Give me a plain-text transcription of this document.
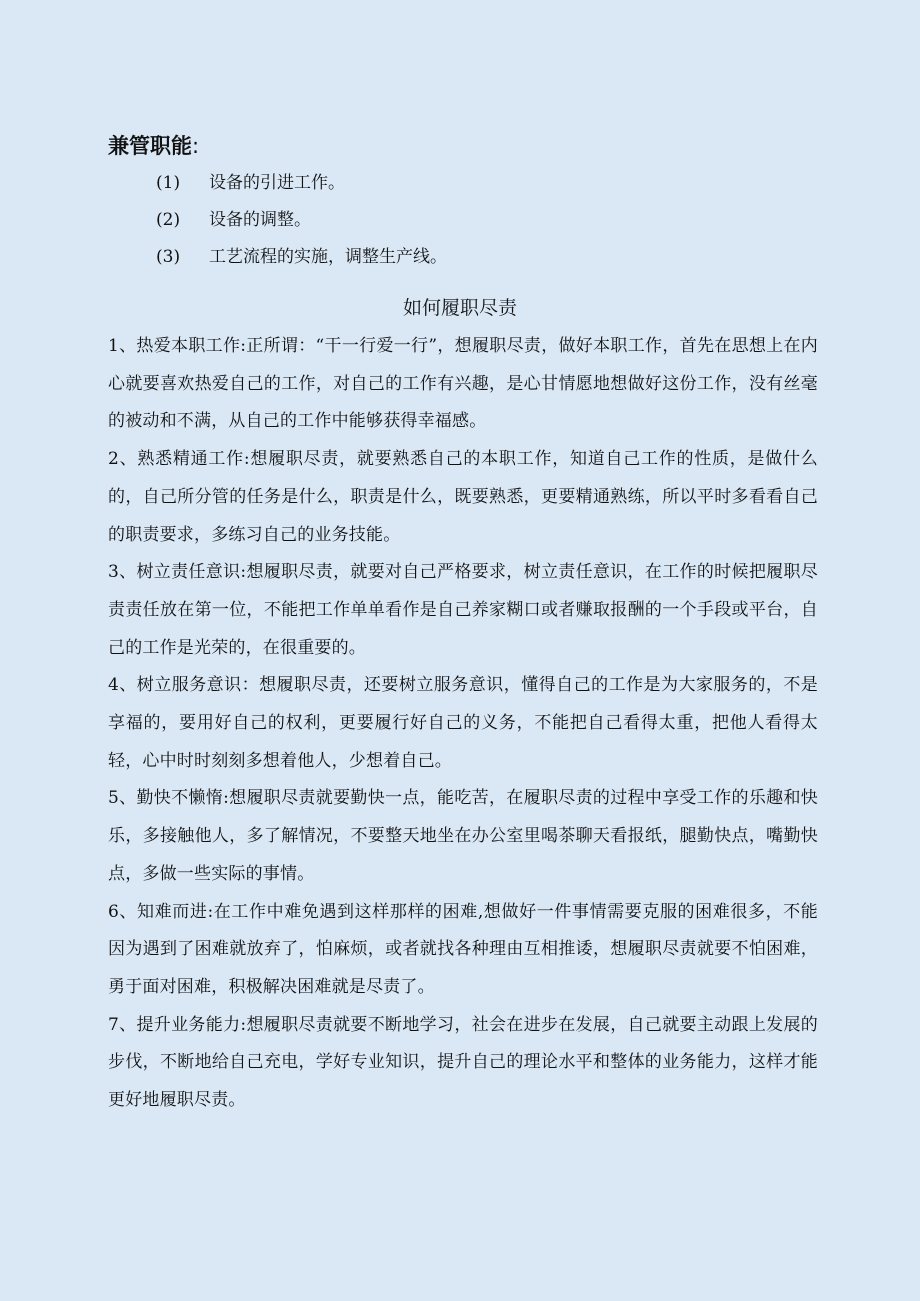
兼管职能:
(1) 设备的引进工作。
(2) 设备的调整。
(3) 工艺流程的实施，调整生产线。
如何履职尽责

1、热爱本职工作:正所谓：“干一行爱一行”，想履职尽责，做好本职工作，首先在思想上在内心就要喜欢热爱自己的工作，对自己的工作有兴趣，是心甘情愿地想做好这份工作，没有丝毫的被动和不满，从自己的工作中能够获得幸福感。

2、熟悉精通工作:想履职尽责，就要熟悉自己的本职工作，知道自己工作的性质，是做什么的，自己所分管的任务是什么，职责是什么，既要熟悉，更要精通熟练，所以平时多看看自己的职责要求，多练习自己的业务技能。

3、树立责任意识:想履职尽责，就要对自己严格要求，树立责任意识，在工作的时候把履职尽责责任放在第一位，不能把工作单单看作是自己养家糊口或者赚取报酬的一个手段或平台，自己的工作是光荣的，在很重要的。

4、树立服务意识：想履职尽责，还要树立服务意识，懂得自己的工作是为大家服务的，不是享福的，要用好自己的权利，更要履行好自己的义务，不能把自己看得太重，把他人看得太轻，心中时时刻刻多想着他人，少想着自己。

5、勤快不懒惰:想履职尽责就要勤快一点，能吃苦，在履职尽责的过程中享受工作的乐趣和快乐，多接触他人，多了解情况，不要整天地坐在办公室里喝茶聊天看报纸，腿勤快点，嘴勤快点，多做一些实际的事情。

6、知难而进:在工作中难免遇到这样那样的困难,想做好一件事情需要克服的困难很多，不能因为遇到了困难就放弃了，怕麻烦，或者就找各种理由互相推诿，想履职尽责就要不怕困难，勇于面对困难，积极解决困难就是尽责了。

7、提升业务能力:想履职尽责就要不断地学习，社会在进步在发展，自己就要主动跟上发展的步伐，不断地给自己充电，学好专业知识，提升自己的理论水平和整体的业务能力，这样才能更好地履职尽责。
